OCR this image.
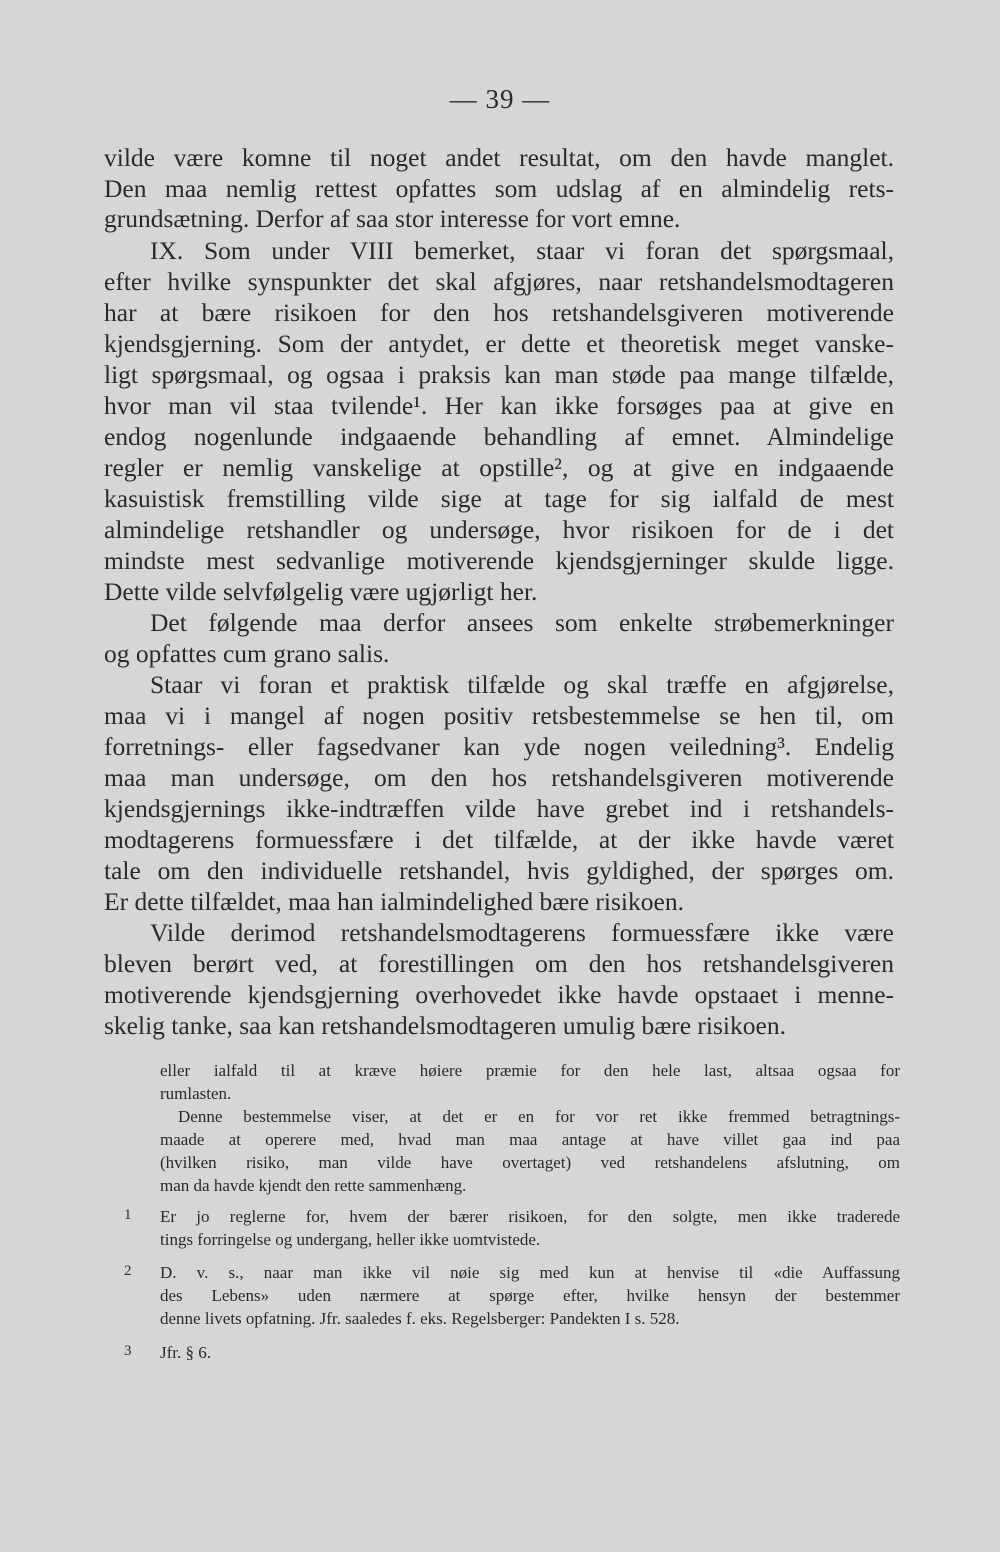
— 39 —
vilde være komne til noget andet resultat, om den havde manglet.
Den maa nemlig rettest opfattes som udslag af en almindelig rets-
grundsætning. Derfor af saa stor interesse for vort emne.
IX. Som under VIII bemerket, staar vi foran det spørgsmaal,
efter hvilke synspunkter det skal afgjøres, naar retshandelsmodtageren
har at bære risikoen for den hos retshandelsgiveren motiverende
kjendsgjerning. Som der antydet, er dette et theoretisk meget vanske-
ligt spørgsmaal, og ogsaa i praksis kan man støde paa mange tilfælde,
hvor man vil staa tvilende¹. Her kan ikke forsøges paa at give en
endog nogenlunde indgaaende behandling af emnet. Almindelige
regler er nemlig vanskelige at opstille², og at give en indgaaende
kasuistisk fremstilling vilde sige at tage for sig ialfald de mest
almindelige retshandler og undersøge, hvor risikoen for de i det
mindste mest sedvanlige motiverende kjendsgjerninger skulde ligge.
Dette vilde selvfølgelig være ugjørligt her.
Det følgende maa derfor ansees som enkelte strøbemerkninger
og opfattes cum grano salis.
Staar vi foran et praktisk tilfælde og skal træffe en afgjørelse,
maa vi i mangel af nogen positiv retsbestemmelse se hen til, om
forretnings- eller fagsedvaner kan yde nogen veiledning³. Endelig
maa man undersøge, om den hos retshandelsgiveren motiverende
kjendsgjernings ikke-indtræffen vilde have grebet ind i retshandels-
modtagerens formuessfære i det tilfælde, at der ikke havde været
tale om den individuelle retshandel, hvis gyldighed, der spørges om.
Er dette tilfældet, maa han ialmindelighed bære risikoen.
Vilde derimod retshandelsmodtagerens formuessfære ikke være
bleven berørt ved, at forestillingen om den hos retshandelsgiveren
motiverende kjendsgjerning overhovedet ikke havde opstaaet i menne-
skelig tanke, saa kan retshandelsmodtageren umulig bære risikoen.
eller ialfald til at kræve høiere præmie for den hele last, altsaa ogsaa for
rumlasten.
Denne bestemmelse viser, at det er en for vor ret ikke fremmed betragtnings-
maade at operere med, hvad man maa antage at have villet gaa ind paa
(hvilken risiko, man vilde have overtaget) ved retshandelens afslutning, om
man da havde kjendt den rette sammenhæng.
1 Er jo reglerne for, hvem der bærer risikoen, for den solgte, men ikke traderede
tings forringelse og undergang, heller ikke uomtvistede.
2 D. v. s., naar man ikke vil nøie sig med kun at henvise til «die Auffassung
des Lebens» uden nærmere at spørge efter, hvilke hensyn der bestemmer
denne livets opfatning. Jfr. saaledes f. eks. Regelsberger: Pandekten I s. 528.
3 Jfr. § 6.
